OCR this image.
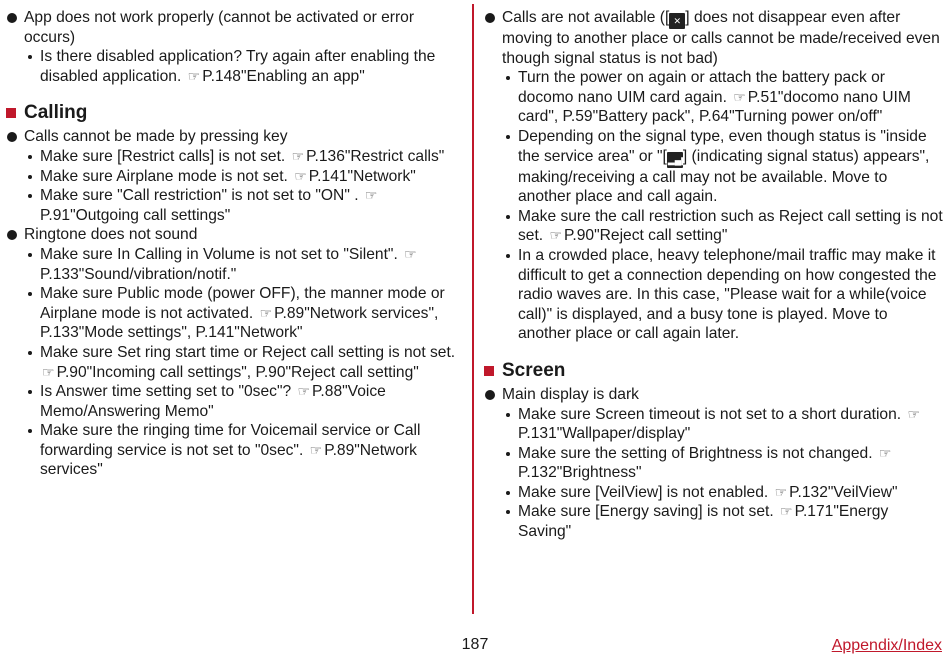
App does not work properly (cannot be activated or error occurs)
Is there disabled application? Try again after enabling the disabled application. ☞ P.148"Enabling an app"
Calling
Calls cannot be made by pressing key
Make sure [Restrict calls] is not set. ☞ P.136"Restrict calls"
Make sure Airplane mode is not set. ☞ P.141"Network"
Make sure "Call restriction" is not set to "ON" . ☞P.91"Outgoing call settings"
Ringtone does not sound
Make sure In Calling in Volume is not set to "Silent". ☞P.133"Sound/vibration/notif."
Make sure Public mode (power OFF), the manner mode or Airplane mode is not activated. ☞ P.89"Network services", P.133"Mode settings", P.141"Network"
Make sure Set ring start time or Reject call setting is not set. ☞ P.90"Incoming call settings", P.90"Reject call setting"
Is Answer time setting set to "0sec"? ☞ P.88"Voice Memo/Answering Memo"
Make sure the ringing time for Voicemail service or Call forwarding service is not set to "0sec". ☞ P.89"Network services"
Calls are not available ([ ✕ ] does not disappear even after moving to another place or calls cannot be made/received even though signal status is not bad)
Turn the power on again or attach the battery pack or docomo nano UIM card again. ☞ P.51"docomo nano UIM card", P.59"Battery pack", P.64"Turning power on/off"
Depending on the signal type, even though status is "inside the service area" or "[▂▄▆] (indicating signal status) appears", making/receiving a call may not be available. Move to another place and call again.
Make sure the call restriction such as Reject call setting is not set. ☞ P.90"Reject call setting"
In a crowded place, heavy telephone/mail traffic may make it difficult to get a connection depending on how congested the radio waves are. In this case, "Please wait for a while(voice call)" is displayed, and a busy tone is played. Move to another place or call again later.
Screen
Main display is dark
Make sure Screen timeout is not set to a short duration. ☞P.131"Wallpaper/display"
Make sure the setting of Brightness is not changed. ☞P.132"Brightness"
Make sure [VeilView] is not enabled. ☞ P.132"VeilView"
Make sure [Energy saving] is not set. ☞ P.171"Energy Saving"
187	Appendix/Index
